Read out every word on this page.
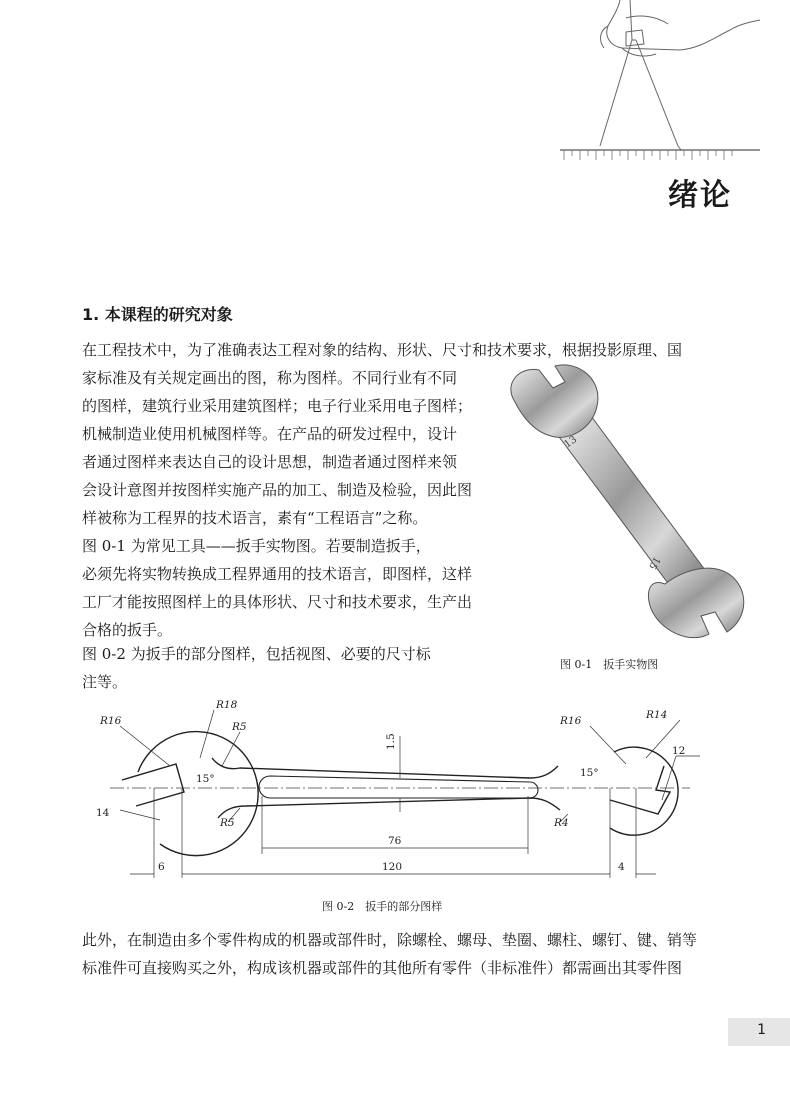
绪论
1. 本课程的研究对象
在工程技术中，为了准确表达工程对象的结构、形状、尺寸和技术要求，根据投影原理、国
家标准及有关规定画出的图，称为图样。不同行业有不同
的图样，建筑行业采用建筑图样；电子行业采用电子图样；
机械制造业使用机械图样等。在产品的研发过程中，设计
者通过图样来表达自己的设计思想，制造者通过图样来领
会设计意图并按图样实施产品的加工、制造及检验，因此图
样被称为工程界的技术语言，素有“工程语言”之称。
图 0-1 为常见工具——扳手实物图。若要制造扳手，
必须先将实物转换成工程界通用的技术语言，即图样，这样
工厂才能按照图样上的具体形状、尺寸和技术要求，生产出
合格的扳手。
图 0-2 为扳手的部分图样，包括视图、必要的尺寸标
注等。
13
15
图 0-1　扳手实物图
R16
R18
R5
15°
14
R5
1.5
R16	R14
12
15°
R4
76
120
6	4
图 0-2　扳手的部分图样
此外，在制造由多个零件构成的机器或部件时，除螺栓、螺母、垫圈、螺柱、螺钉、键、销等
标准件可直接购买之外，构成该机器或部件的其他所有零件（非标准件）都需画出其零件图
1
